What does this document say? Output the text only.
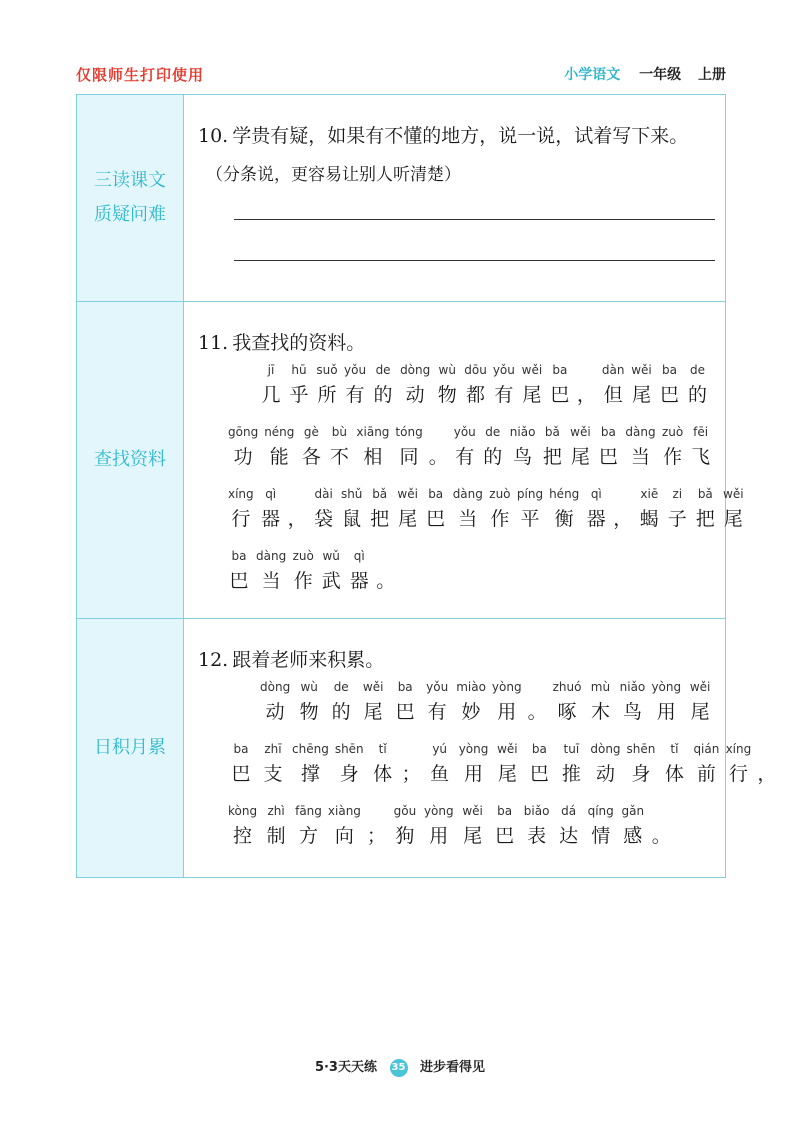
仅限师生打印使用	小学语文 一年级 上册
三读课文
质疑问难
10. 学贵有疑，如果有不懂的地方，说一说，试着写下来。
（分条说，更容易让别人听清楚）
查找资料
11. 我查找的资料。
jī
几
hū
乎
suǒ
所
yǒu
有
de
的
dòng
动
wù
物
dōu
都
yǒu
有
wěi
尾
ba
巴 ，
dàn
但
wěi
尾
ba
巴
de
的
gōng
功
néng
能
gè
各
bù
不
xiāng
相
tóng
同 。
yǒu
有
de
的
niǎo
鸟
bǎ
把
wěi
尾
ba
巴
dàng
当
zuò
作
fēi
飞
xíng
行
qì
器 ，
dài
袋
shǔ
鼠
bǎ
把
wěi
尾
ba
巴
dàng
当
zuò
作
píng
平
héng
衡
qì
器 ，
xiē
蝎
zi
子
bǎ
把
wěi
尾
ba
巴
dàng
当
zuò
作
wǔ
武
qì
器 。
日积月累
12. 跟着老师来积累。
dòng
动
wù
物
de
的
wěi
尾
ba
巴
yǒu
有
miào
妙
yòng
用 。
zhuó
啄
mù
木
niǎo
鸟
yòng
用
wěi
尾
ba
巴
zhī
支
chēng
撑
shēn
身
tǐ
体 ；
yú
鱼
yòng
用
wěi
尾
ba
巴
tuī
推
dòng
动
shēn
身
tǐ
体
qián
前
xíng
行 ，
kòng
控
zhì
制
fāng
方
xiàng
向 ；
gǒu
狗
yòng
用
wěi
尾
ba
巴
biǎo
表
dá
达
qíng
情
gǎn
感 。
5·3天天练 35 进步看得见
